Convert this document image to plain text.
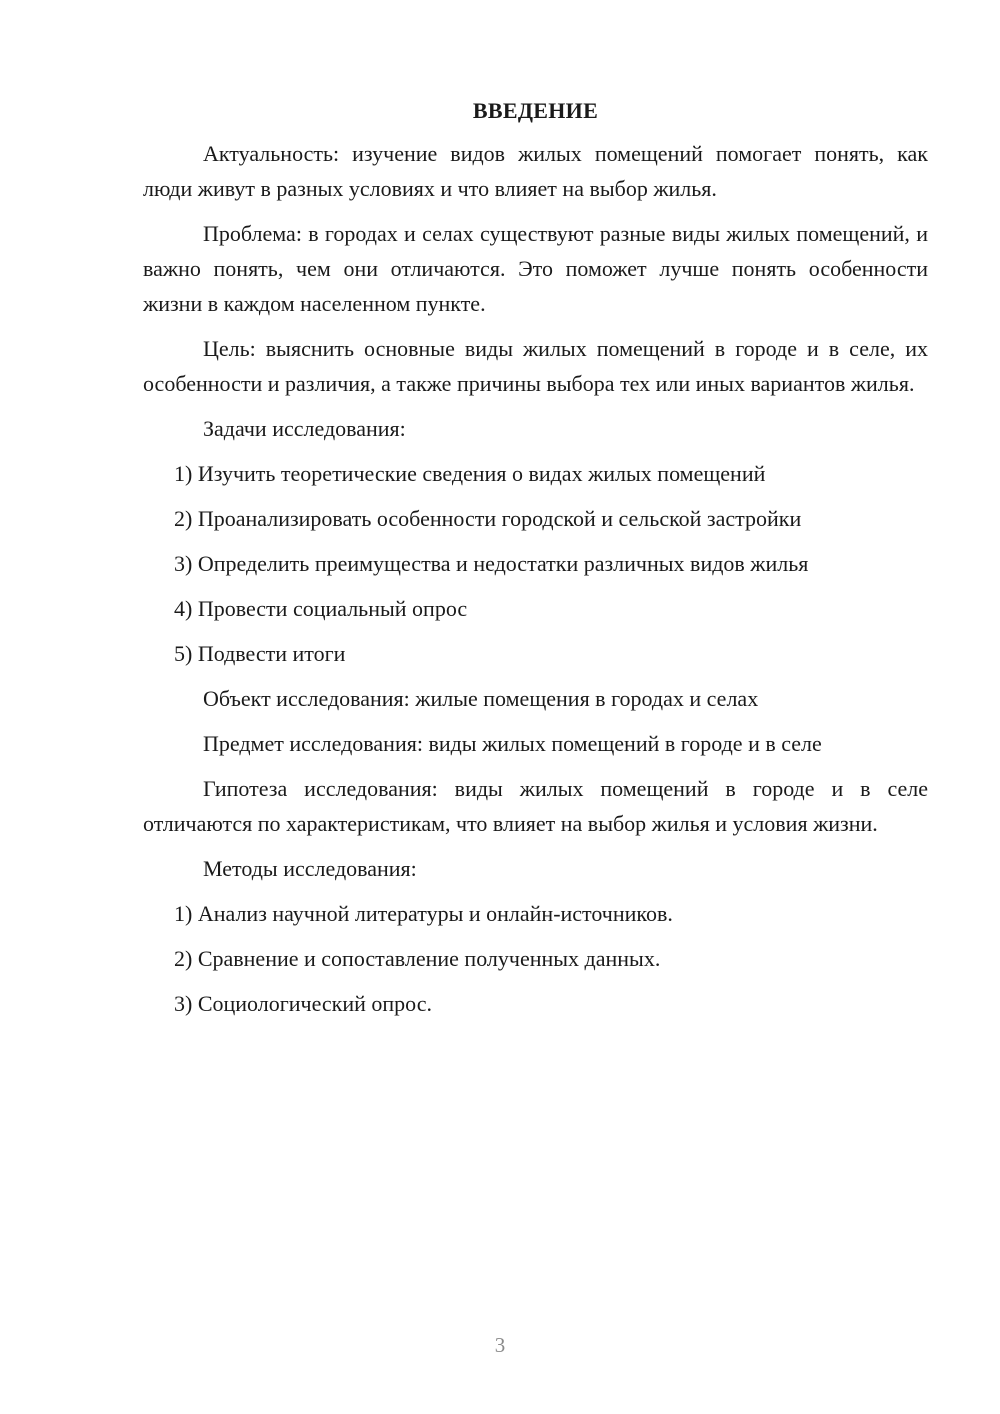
ВВЕДЕНИЕ

Актуальность: изучение видов жилых помещений помогает понять, как люди живут в разных условиях и что влияет на выбор жилья.

Проблема: в городах и селах существуют разные виды жилых помещений, и важно понять, чем они отличаются. Это поможет лучше понять особенности жизни в каждом населенном пункте.

Цель: выяснить основные виды жилых помещений в городе и в селе, их особенности и различия, а также причины выбора тех или иных вариантов жилья.

Задачи исследования:
1) Изучить теоретические сведения о видах жилых помещений
2) Проанализировать особенности городской и сельской застройки
3) Определить преимущества и недостатки различных видов жилья
4) Провести социальный опрос
5) Подвести итоги
Объект исследования: жилые помещения в городах и селах
Предмет исследования: виды жилых помещений в городе и в селе

Гипотеза исследования: виды жилых помещений в городе и в селе отличаются по характеристикам, что влияет на выбор жилья и условия жизни.

Методы исследования:
1) Анализ научной литературы и онлайн-источников.
2) Сравнение и сопоставление полученных данных.
3) Социологический опрос.
3
